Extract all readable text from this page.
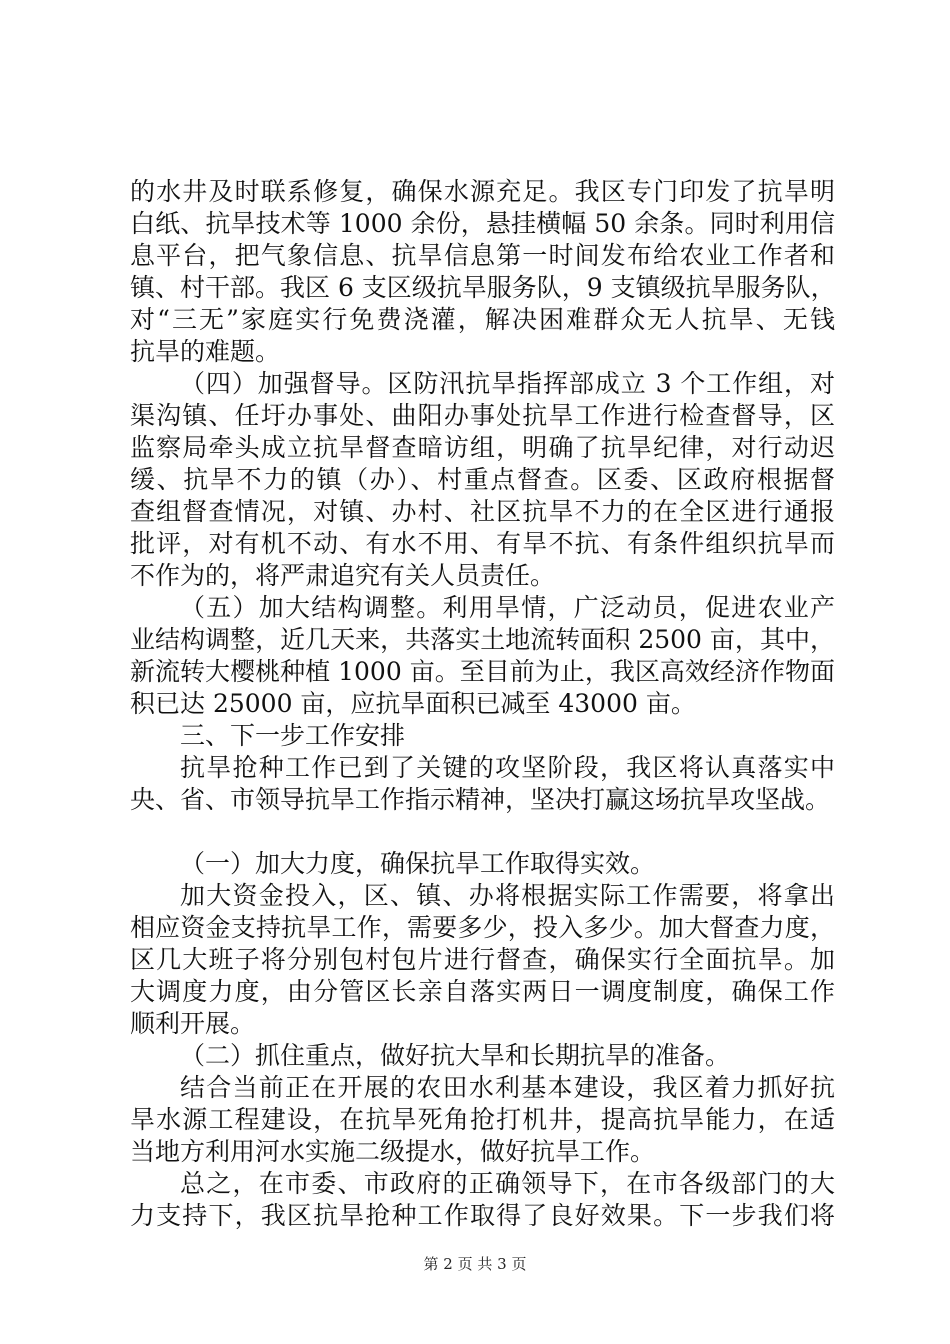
的水井及时联系修复，确保水源充足。我区专门印发了抗旱明
白纸、抗旱技术等 1000 余份，悬挂横幅 50 余条。同时利用信
息平台，把气象信息、抗旱信息第一时间发布给农业工作者和
镇、村干部。我区 6 支区级抗旱服务队，9 支镇级抗旱服务队，
对“三无”家庭实行免费浇灌，解决困难群众无人抗旱、无钱
抗旱的难题。
（四）加强督导。区防汛抗旱指挥部成立 3 个工作组，对
渠沟镇、任圩办事处、曲阳办事处抗旱工作进行检查督导，区
监察局牵头成立抗旱督查暗访组，明确了抗旱纪律，对行动迟
缓、抗旱不力的镇（办）、村重点督查。区委、区政府根据督
查组督查情况，对镇、办村、社区抗旱不力的在全区进行通报
批评，对有机不动、有水不用、有旱不抗、有条件组织抗旱而
不作为的，将严肃追究有关人员责任。
（五）加大结构调整。利用旱情，广泛动员，促进农业产
业结构调整，近几天来，共落实土地流转面积 2500 亩，其中，
新流转大樱桃种植 1000 亩。至目前为止，我区高效经济作物面
积已达 25000 亩，应抗旱面积已减至 43000 亩。
三、下一步工作安排
抗旱抢种工作已到了关键的攻坚阶段，我区将认真落实中
央、省、市领导抗旱工作指示精神，坚决打赢这场抗旱攻坚战。
（一）加大力度，确保抗旱工作取得实效。
加大资金投入，区、镇、办将根据实际工作需要，将拿出
相应资金支持抗旱工作，需要多少，投入多少。加大督查力度，
区几大班子将分别包村包片进行督查，确保实行全面抗旱。加
大调度力度，由分管区长亲自落实两日一调度制度，确保工作
顺利开展。
（二）抓住重点，做好抗大旱和长期抗旱的准备。
结合当前正在开展的农田水利基本建设，我区着力抓好抗
旱水源工程建设，在抗旱死角抢打机井，提高抗旱能力，在适
当地方利用河水实施二级提水，做好抗旱工作。
总之，在市委、市政府的正确领导下，在市各级部门的大
力支持下，我区抗旱抢种工作取得了良好效果。下一步我们将
第 2 页 共 3 页
